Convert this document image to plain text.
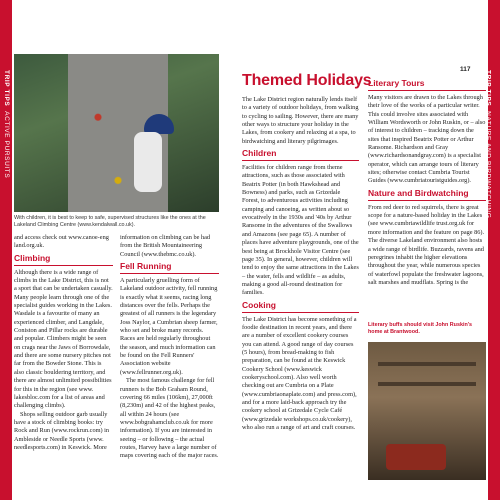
TRIP TIPS  ACTIVE PURSUITS
TRIP TIPS  NATURE AND BIRDWATCHING
117
With children, it is best to keep to safe, supervised structures like the ones at the Lakeland Climbing Centre (www.kendalwall.co.uk).

and access check out www.canoe-eng land.org.uk.

Climbing

Although there is a wide range of climbs in the Lake District, this is not a sport that can be undertaken casually. Many people learn through one of the specialist guides working in the Lakes. Wasdale is a favourite of many an experienced climber, and Langdale, Coniston and Pillar rocks are durable and popular. Climbers might be seen on crags near the Jaws of Borrowdale, and there are some nursery pitches not far from the Bowder Stone. This is also classic bouldering territory, and there are almost unlimited possibilities for this in the region (see www. lakesbloc.com for a list of areas and challenging climbs).

Shops selling outdoor garb usually have a stock of climbing books: try Rock and Run (www.rockrun.com) in Ambleside or Needle Sports (www. needlesports.com) in Keswick. More

information on climbing can be had from the British Mountaineering Council (www.thebmc.co.uk).

Fell Running

A particularly gruelling form of Lakeland outdoor activity, fell running is exactly what it seems, racing long distances over the fells. Perhaps the greatest of all runners is the legendary Joss Naylor, a Cumbrian sheep farmer, who set and broke many records. Races are held regularly throughout the season, and much information can be found on the Fell Runners' Association website (www.fellrunner.org.uk).

The most famous challenge for fell runners is the Bob Graham Round, covering 66 miles (106km), 27,000ft (8,230m) and 42 of the highest peaks, all within 24 hours (see www.bobgrahamclub.co.uk for more information). If you are interested in seeing – or following – the actual routes, Harvey have a large number of maps covering each of the major races.

Themed Holidays

The Lake District region naturally lends itself to a variety of outdoor holidays, from walking to cycling to sailing. However, there are many other ways to structure your holiday in the Lakes, from cookery and relaxing at a spa, to birdwatching and literary pilgrimages.

Children

Facilities for children range from theme attractions, such as those associated with Beatrix Potter (in both Hawkshead and Bowness) and parks, such as Grizedale Forest, to adventurous activities including camping and canoeing, as written about so evocatively in the 1930s and '40s by Arthur Ransome in the adventures of the Swallows and Amazons (see page 65). A number of places have adventure playgrounds, one of the best being at Brockhole Visitor Centre (see page 35). In general, however, children will tend to enjoy the same attractions in the Lakes – the water, fells and wildlife – as adults, making a good all-round destination for families.

Cooking

The Lake District has become something of a foodie destination in recent years, and there are a number of excellent cookery courses you can attend. A good range of day courses (5 hours), from bread-making to fish preparation, can be found at the Keswick Cookery School (www.keswick cookeryschool.com). Also well worth checking out are Cumbria on a Plate (www.cumbriaonaplate.com) and press.com), and for a more laid-back approach try the cookery school at Grizedale Cycle Café (www.grizedale workshops.co.uk/cookery), who also run a range of art and craft courses.

Literary Tours

Many visitors are drawn to the Lakes through their love of the works of a particular writer. This could involve sites associated with William Wordsworth or John Ruskin, or – also of interest to children – tracking down the sites that inspired Beatrix Potter or Arthur Ransome. Richardson and Gray (www.richardsonandgray.com) is a specialist operator, which can arrange tours of literary sites; otherwise contact Cumbria Tourist Guides (www.cumbriatouristguides.org).

Nature and Birdwatching

From red deer to red squirrels, there is great scope for a nature-based holiday in the Lakes (see www.cumbriawildlife trust.org.uk for more information and the feature on page 86). The diverse Lakeland environment also hosts a wide range of birdlife. Buzzards, ravens and peregrines inhabit the higher elevations throughout the year, while numerous species of waterfowl populate the freshwater lagoons, salt marshes and mudflats. Spring is the

Literary buffs should visit John Ruskin's home at Brantwood.
